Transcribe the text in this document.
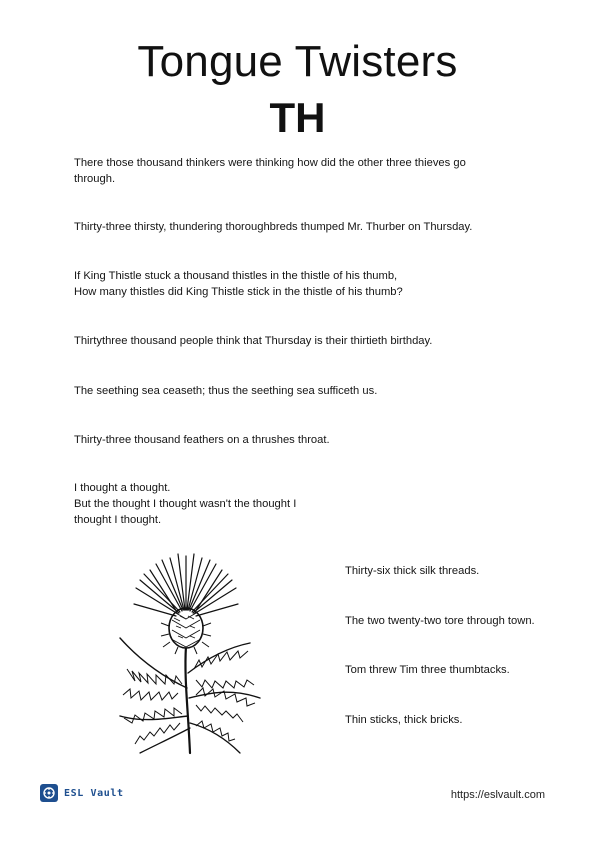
Tongue Twisters
TH

There those thousand thinkers were thinking how did the other three thieves go
through.

Thirty-three thirsty, thundering thoroughbreds thumped Mr. Thurber on Thursday.

If King Thistle stuck a thousand thistles in the thistle of his thumb,
How many thistles did King Thistle stick in the thistle of his thumb?

Thirtythree thousand people think that Thursday is their thirtieth birthday.

The seething sea ceaseth; thus the seething sea sufficeth us.

Thirty-three thousand feathers on a thrushes throat.

I thought a thought.
But the thought I thought wasn't the thought I
thought I thought.

Thirty-six thick silk threads.

The two twenty-two tore through town.

Tom threw Tim three thumbtacks.

Thin sticks, thick bricks.

ESL Vault	https://eslvault.com
